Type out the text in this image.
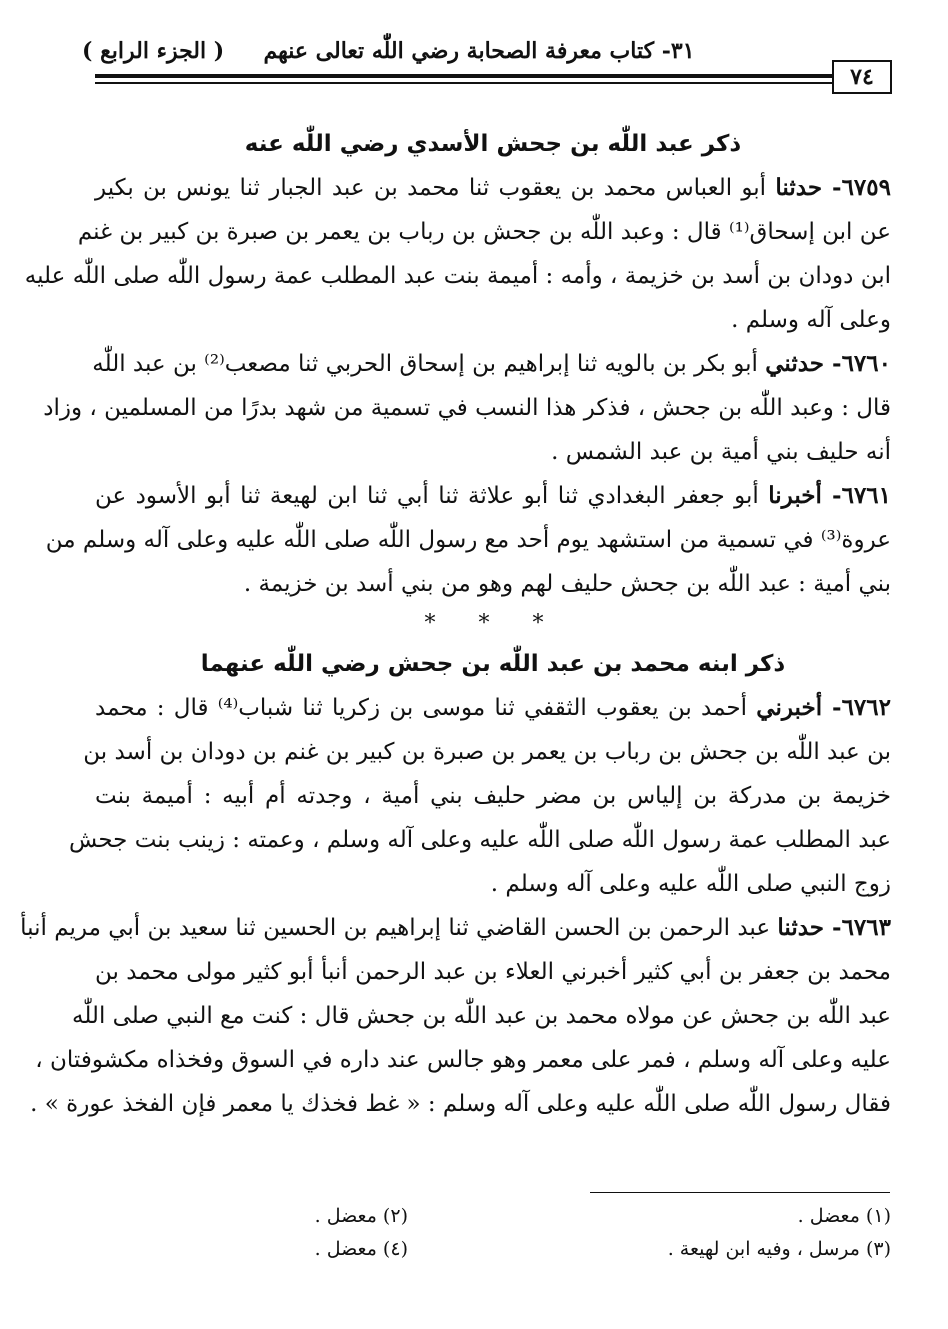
٣١- كتاب معرفة الصحابة رضي اللّٰه تعالى عنهم
( الجزء الرابع )
٧٤
ذكر عبد اللّٰه بن جحش الأسدي رضي اللّٰه عنه
٦٧٥٩- حدثنا أبو العباس محمد بن يعقوب ثنا محمد بن عبد الجبار ثنا يونس بن بكير
عن ابن إسحاق⁽¹⁾ قال : وعبد اللّٰه بن جحش بن رباب بن يعمر بن صبرة بن كبير بن غنم
ابن دودان بن أسد بن خزيمة ، وأمه : أميمة بنت عبد المطلب عمة رسول اللّٰه صلى اللّٰه عليه
وعلى آله وسلم .
٦٧٦٠- حدثني أبو بكر بن بالويه ثنا إبراهيم بن إسحاق الحربي ثنا مصعب⁽²⁾ بن عبد اللّٰه
قال : وعبد اللّٰه بن جحش ، فذكر هذا النسب في تسمية من شهد بدرًا من المسلمين ، وزاد
أنه حليف بني أمية بن عبد الشمس .
٦٧٦١- أخبرنا أبو جعفر البغدادي ثنا أبو علاثة ثنا أبي ثنا ابن لهيعة ثنا أبو الأسود عن
عروة⁽³⁾ في تسمية من استشهد يوم أحد مع رسول اللّٰه صلى اللّٰه عليه وعلى آله وسلم من
بني أمية : عبد اللّٰه بن جحش حليف لهم وهو من بني أسد بن خزيمة .
* * *
ذكر ابنه محمد بن عبد اللّٰه بن جحش رضي اللّٰه عنهما
٦٧٦٢- أخبرني أحمد بن يعقوب الثقفي ثنا موسى بن زكريا ثنا شباب⁽⁴⁾ قال : محمد
بن عبد اللّٰه بن جحش بن رباب بن يعمر بن صبرة بن كبير بن غنم بن دودان بن أسد بن
خزيمة بن مدركة بن إلياس بن مضر حليف بني أمية ، وجدته أم أبيه : أميمة بنت
عبد المطلب عمة رسول اللّٰه صلى اللّٰه عليه وعلى آله وسلم ، وعمته : زينب بنت جحش
زوج النبي صلى اللّٰه عليه وعلى آله وسلم .
٦٧٦٣- حدثنا عبد الرحمن بن الحسن القاضي ثنا إبراهيم بن الحسين ثنا سعيد بن أبي مريم أنبأ
محمد بن جعفر بن أبي كثير أخبرني العلاء بن عبد الرحمن أنبأ أبو كثير مولى محمد بن
عبد اللّٰه بن جحش عن مولاه محمد بن عبد اللّٰه بن جحش قال : كنت مع النبي صلى اللّٰه
عليه وعلى آله وسلم ، فمر على معمر وهو جالس عند داره في السوق وفخذاه مكشوفتان ،
فقال رسول اللّٰه صلى اللّٰه عليه وعلى آله وسلم : « غط فخذك يا معمر فإن الفخذ عورة » .
(١) معضل .
(٢) معضل .
(٣) مرسل ، وفيه ابن لهيعة .
(٤) معضل .
